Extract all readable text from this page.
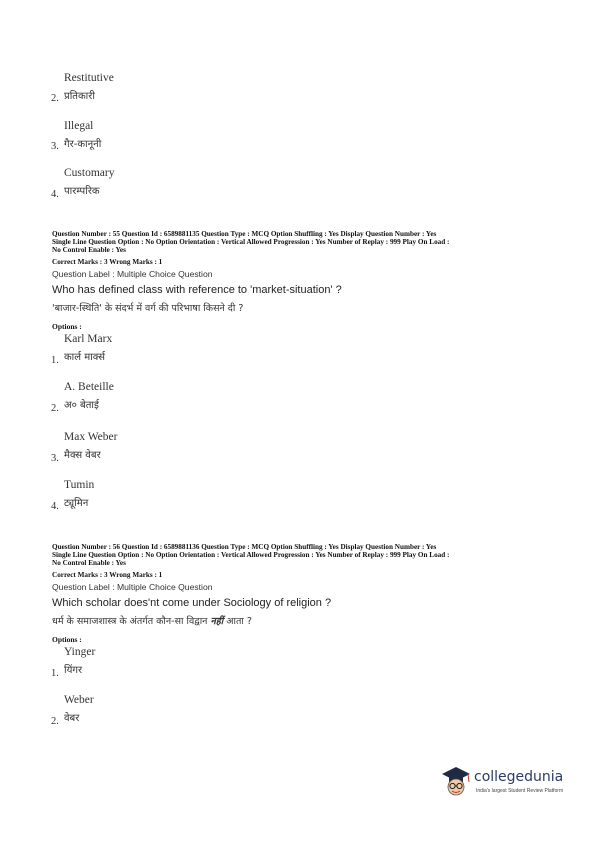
Restitutive
2. प्रतिकारी
Illegal
3. गैर-कानूनी
Customary
4. पारम्परिक
Question Number : 55 Question Id : 6589881135 Question Type : MCQ Option Shuffling : Yes Display Question Number : Yes
Single Line Question Option : No Option Orientation : Vertical Allowed Progression : Yes Number of Replay : 999 Play On Load :
No Control Enable : Yes
Correct Marks : 3 Wrong Marks : 1
Question Label : Multiple Choice Question
Who has defined class with reference to 'market-situation' ?
'बाजार-स्थिति' के संदर्भ में वर्ग की परिभाषा किसने दी ?
Options :
Karl Marx
1. कार्ल मार्क्स
A. Beteille
2. अ० बेताई
Max Weber
3. मैक्स वेबर
Tumin
4. ट्यूमिन
Question Number : 56 Question Id : 6589881136 Question Type : MCQ Option Shuffling : Yes Display Question Number : Yes
Single Line Question Option : No Option Orientation : Vertical Allowed Progression : Yes Number of Replay : 999 Play On Load :
No Control Enable : Yes
Correct Marks : 3 Wrong Marks : 1
Question Label : Multiple Choice Question
Which scholar does'nt come under Sociology of religion ?
धर्म के समाजशास्त्र के अंतर्गत कौन-सा विद्वान नहीं आता ?
Options :
Yinger
1. यिंगर
Weber
2. वेबर
collegedunia
India's largest Student Review Platform
